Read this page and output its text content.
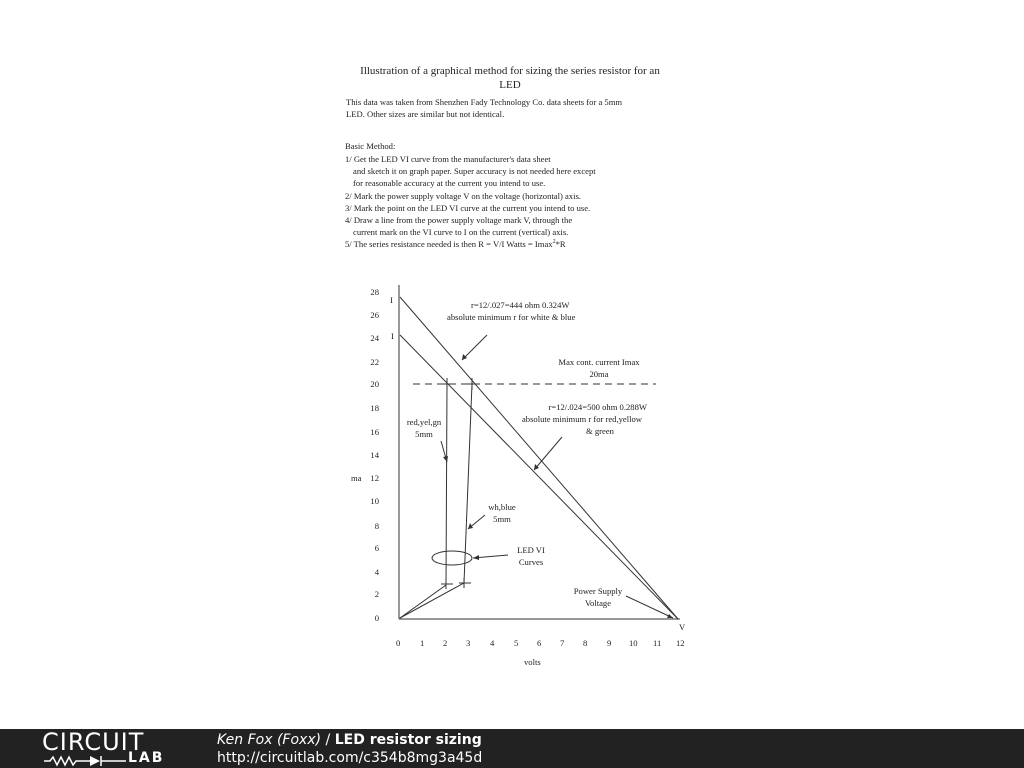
Illustration of a graphical method for sizing the series resistor for an
LED

This data was taken from Shenzhen Fady Technology Co. data sheets for a 5mm
LED. Other sizes are similar but not identical.

Basic Method:

1/ Get the LED VI curve from the manufacturer's data sheet
and sketch it on graph paper. Super accuracy is not needed here except
for reasonable accuracy at the current you intend to use.
2/ Mark the power supply voltage V on the voltage (horizontal) axis.
3/ Mark the point on the LED VI curve at the current you intend to use.
4/ Draw a line from the power supply voltage mark V, through the
current mark on the VI curve to I on the current (vertical) axis.
5/ The series resistance needed is then R = V/I Watts = Imax$^2$*R
28
26
24
22
20
18
16
14
12
10
8
6
4
2
0
0 1 2 3 4 5 6 7 8 9 10 11 12
ma
volts
V
I
I
r=12/.027=444 ohm 0.324W
absolute minimum r for white & blue
Max cont. current Imax
20ma
r=12/.024=500 ohm 0.288W
absolute minimum r for red,yellow
& green
red,yel,gn
5mm
wh,blue
5mm
LED VI
Curves
Power Supply
Voltage
CIRCUIT
LAB
Ken Fox (Foxx) / LED resistor sizing
http://circuitlab.com/c354b8mg3a45d
